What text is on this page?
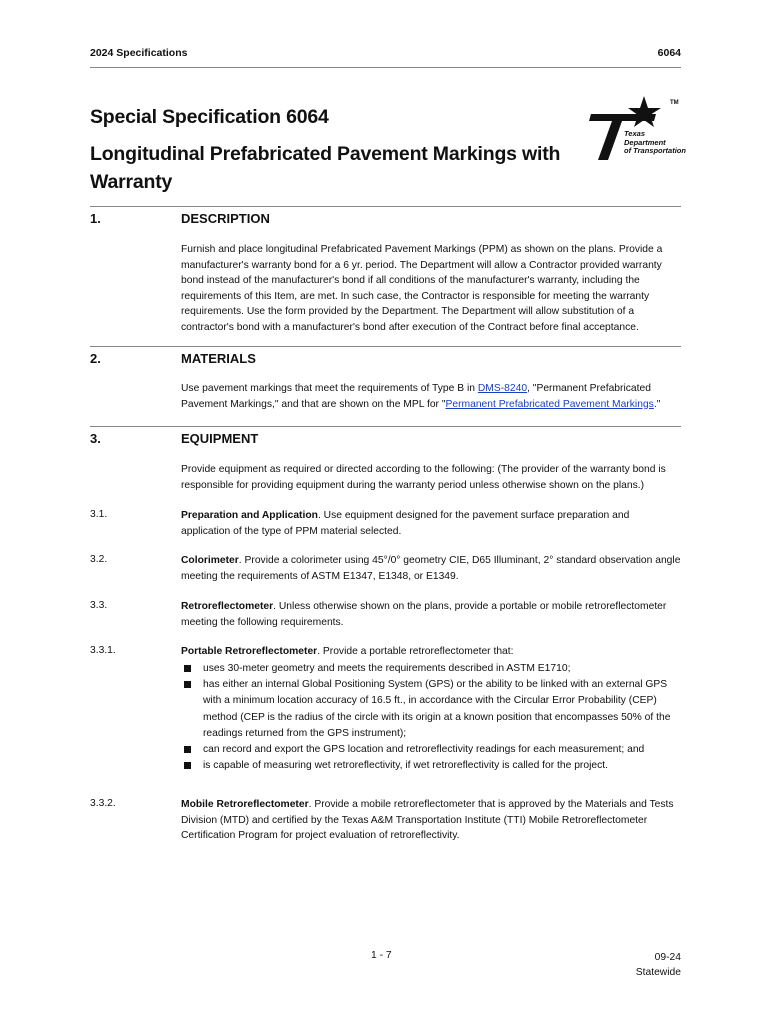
2024 Specifications	6064
Special Specification 6064
Longitudinal Prefabricated Pavement Markings with Warranty
TM
Texas
Department
of Transportation
1.	DESCRIPTION
Furnish and place longitudinal Prefabricated Pavement Markings (PPM) as shown on the plans. Provide a manufacturer's warranty bond for a 6 yr. period. The Department will allow a Contractor provided warranty bond instead of the manufacturer's bond if all conditions of the manufacturer's warranty, including the requirements of this Item, are met. In such case, the Contractor is responsible for meeting the warranty requirements. Use the form provided by the Department. The Department will allow substitution of a contractor's bond with a manufacturer's bond after execution of the Contract before final acceptance.
2.	MATERIALS
Use pavement markings that meet the requirements of Type B in DMS-8240, "Permanent Prefabricated Pavement Markings," and that are shown on the MPL for "Permanent Prefabricated Pavement Markings."
3.	EQUIPMENT
Provide equipment as required or directed according to the following: (The provider of the warranty bond is responsible for providing equipment during the warranty period unless otherwise shown on the plans.)
3.1.	Preparation and Application. Use equipment designed for the pavement surface preparation and application of the type of PPM material selected.
3.2.	Colorimeter. Provide a colorimeter using 45°/0° geometry CIE, D65 Illuminant, 2° standard observation angle meeting the requirements of ASTM E1347, E1348, or E1349.
3.3.	Retroreflectometer. Unless otherwise shown on the plans, provide a portable or mobile retroreflectometer meeting the following requirements.
3.3.1.	Portable Retroreflectometer. Provide a portable retroreflectometer that:
uses 30-meter geometry and meets the requirements described in ASTM E1710;
has either an internal Global Positioning System (GPS) or the ability to be linked with an external GPS with a minimum location accuracy of 16.5 ft., in accordance with the Circular Error Probability (CEP) method (CEP is the radius of the circle with its origin at a known position that encompasses 50% of the readings returned from the GPS instrument);
can record and export the GPS location and retroreflectivity readings for each measurement; and
is capable of measuring wet retroreflectivity, if wet retroreflectivity is called for the project.
3.3.2.	Mobile Retroreflectometer. Provide a mobile retroreflectometer that is approved by the Materials and Tests Division (MTD) and certified by the Texas A&M Transportation Institute (TTI) Mobile Retroreflectometer Certification Program for project evaluation of retroreflectivity.
1 - 7	09-24
Statewide
